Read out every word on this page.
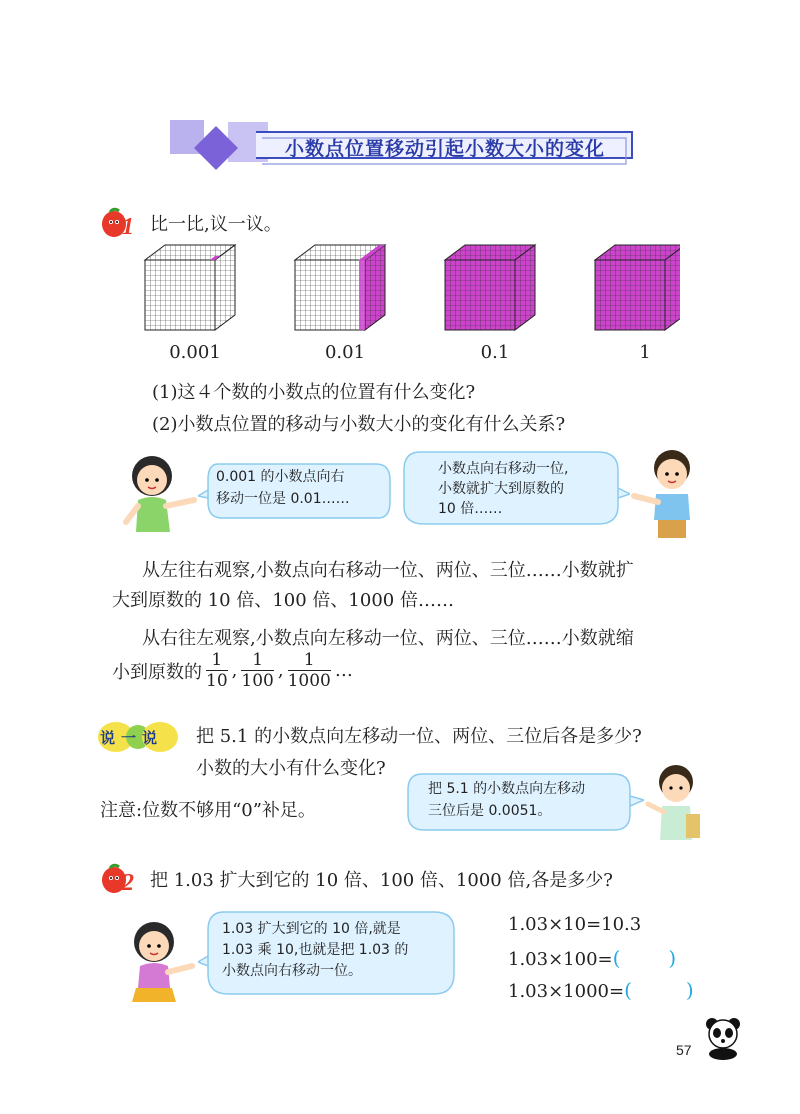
小数点位置移动引起小数大小的变化
1 比一比,议一议。
0.001	0.01	0.1	1
(1)这４个数的小数点的位置有什么变化?
(2)小数点位置的移动与小数大小的变化有什么关系?
0.001 的小数点向右
移动一位是 0.01……
小数点向右移动一位,
小数就扩大到原数的
10 倍……
从左往右观察,小数点向右移动一位、两位、三位……小数就扩
大到原数的 10 倍、100 倍、1000 倍……
从右往左观察,小数点向左移动一位、两位、三位……小数就缩
小到原数的 $\frac{1}{10}$ , $\frac{1}{100}$ , $\frac{1}{1000}$ …
说一说 把 5.1 的小数点向左移动一位、两位、三位后各是多少?
小数的大小有什么变化?
注意:位数不够用“0”补足。
把 5.1 的小数点向左移动
三位后是 0.0051。
2 把 1.03 扩大到它的 10 倍、100 倍、1000 倍,各是多少?
1.03 扩大到它的 10 倍,就是
1.03 乘 10,也就是把 1.03 的
小数点向右移动一位。
1.03×10=10.3
1.03×100=( )
1.03×1000=(	)
57
